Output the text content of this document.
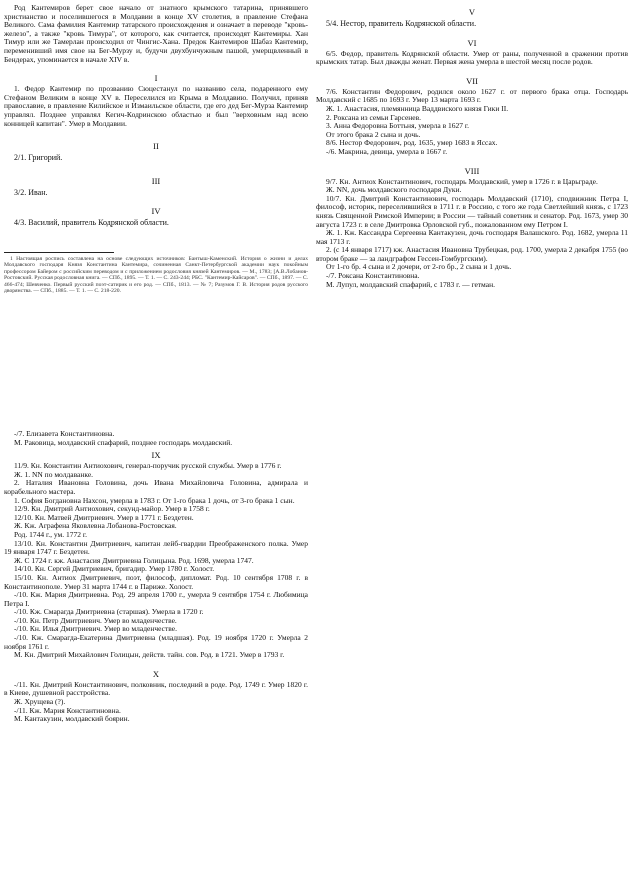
Род Кантемиров берет свое начало от знатного крымского татарина, принявшего христианство и поселившегося в Молдавии в конце XV столетия, в правление Стефана Великого. Сама фамилия Кантемир татарского происхождения и означает в переводе "кровь-железо", а также "кровь Тимура", от которого, как считается, происходят Кантемиры. Хан Тимур или же Тамерлан происходил от Чингис-Хана. Предок Кантемиров Шабаз Кантемир, переменивший имя свое на Бег-Мурзу и, будучи двухбунчужным пашой, умерщвленный в Бендерах, упоминается в начале XIV в.

I

1. Федор Кантемир по прозванию Сюцестанул по названию села, подаренного ему Стефаном Великим в конце XV в. Переселился из Крыма в Молдавию. Получил, приняв православие, в правление Килийское и Измаильское области, где его дед Бег-Мурза Кантемир управлял. Позднее управлял Кегич-Кодринскою областью и был "верховным над всею конницей капитан". Умер в Молдавии.

II

2/1. Григорий.

III

3/2. Иван.

IV

4/3. Василий, правитель Кодрянской области.

1 Настоящая роспись составлена на основе следующих источников: Бантыш-Каменский. История о жизни и делах Молдавского господаря Князя Константина Кантемира, сочиненная Санкт-Петербургской академии наук покойным профессором Байером с российским переводом и с приложением родословия князей Кантемиров. — М., 1783; [А.В.Лобанов-Ростовский. Русская родословная книга. — СПб., 1895. — Т. 1. — С. 243-244; РБС. "Кантемир-Кайсаров". — СПб., 1897. — С. 466-474; Шевченко. Первый русский поэт-сатирик и его род. — СПб., 1813. — № 7; Разумов Г. В. История родов русского дворянства. — СПб., 1885. — Т. 1. — С. 218-220.

-/7. Елизавета Константиновна.

М. Раковица, молдавский спафарий, позднее господарь молдавский.

IX

11/9. Кн. Константин Антиохович, генерал-поручик русской службы. Умер в 1776 г.

Ж. 1. NN по молдаванке.

2. Наталия Ивановна Головина, дочь Ивана Михайловича Головина, адмирала и корабельного мастера.

1. София Богдановна Нахсон, умерла в 1783 г. От 1-го брака 1 дочь, от 3-го брака 1 сын.

12/9. Кн. Дмитрий Антиохович, секунд-майор. Умер в 1758 г.

12/10. Кн. Матвей Дмитриевич. Умер в 1771 г. Бездетен.

Ж. Кж. Аграфена Яковлевна Лобанова-Ростовская.

Род. 1744 г., ум. 1772 г.

13/10. Кн. Константин Дмитриевич, капитан лейб-гвардии Преображенского полка. Умер 19 января 1747 г. Бездетен.

Ж. С 1724 г. кж. Анастасия Дмитриевна Голицына. Род. 1698, умерла 1747.

14/10. Кн. Сергей Дмитриевич, бригадир. Умер 1780 г. Холост.

15/10. Кн. Антиох Дмитриевич, поэт, философ, дипломат. Род. 10 сентября 1708 г. в Константинополе. Умер 31 марта 1744 г. в Париже. Холост.

-/10. Кж. Мария Дмитриевна. Род. 29 апреля 1700 г., умерла 9 сентября 1754 г. Любимица Петра I.

-/10. Кж. Смарагда Дмитриевна (старшая). Умерла в 1720 г.

-/10. Кн. Петр Дмитриевич. Умер во младенчестве.

-/10. Кн. Илья Дмитриевич. Умер во младенчестве.

-/10. Кж. Смарагда-Екатерина Дмитриевна (младшая). Род. 19 ноября 1720 г. Умерла 2 ноября 1761 г.

М. Кн. Дмитрий Михайлович Голицын, действ. тайн. сов. Род. в 1721. Умер в 1793 г.

X

-/11. Кн. Дмитрий Константинович, полковник, последний в роде. Род. 1749 г. Умер 1820 г. в Киеве, душевной расстройства.

Ж. Хрущева (?).

-/11. Кж. Мария Константиновна.

М. Кантакузин, молдавский боярин.

V

5/4. Нестор, правитель Кодрянской области.

VI

6/5. Федор, правитель Кодрянской области. Умер от раны, полученной в сражении против крымских татар. Был дважды женат. Первая жена умерла в шестой месяц после родов.

VII

7/6. Константин Федорович, родился около 1627 г. от первого брака отца. Господарь Молдавский с 1685 по 1693 г. Умер 13 марта 1693 г.

Ж. 1. Анастасия, племянница Ваддвиского князя Гики II.

2. Роксана из семьи Гарсенев.

3. Анна Федоровна Боттьня, умерла в 1627 г.

От этого брака 2 сына и дочь.

8/6. Нестор Федорович, род. 1635, умер 1683 в Яссах.

-/6. Макрина, девица, умерла в 1667 г.

VIII

9/7. Кн. Антиох Константинович, господарь Молдавский, умер в 1726 г. в Царьграде.

Ж. NN, дочь молдавского господаря Дуки.

10/7. Кн. Дмитрий Константинович, господарь Молдавский (1710), сподвижник Петра I, философ, историк, переселившийся в 1711 г. в Россию, с того же года Светлейший князь, с 1723 князь Священной Римской Империи; в России — тайный советник и сенатор. Род. 1673, умер 30 августа 1723 г. в селе Дмитровка Орловской губ., пожалованном ему Петром I.

Ж. 1. Кж. Кассандра Сергеевна Кантакузен, дочь господаря Валашского. Род. 1682, умерла 11 мая 1713 г.

2. (с 14 января 1717) кж. Анастасия Ивановна Трубецкая, род. 1700, умерла 2 декабря 1755 (во втором браке — за ландграфом Гессен-Гомбургским).

От 1-го бр. 4 сына и 2 дочери, от 2-го бр., 2 сына и 1 дочь.

-/7. Роксана Константиновна.

М. Лупул, молдавский спафарий, с 1783 г. — гетман.
